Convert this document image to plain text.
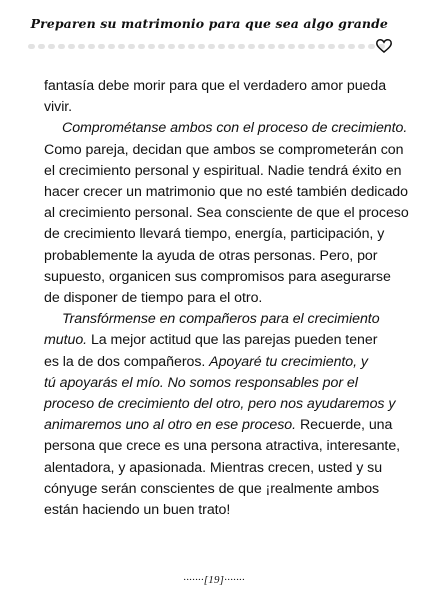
Preparen su matrimonio para que sea algo grande
fantasía debe morir para que el verdadero amor pueda
vivir.
Comprométanse ambos con el proceso de crecimiento.
Como pareja, decidan que ambos se comprometerán con
el crecimiento personal y espiritual. Nadie tendrá éxito en
hacer crecer un matrimonio que no esté también dedicado
al crecimiento personal. Sea consciente de que el proceso
de crecimiento llevará tiempo, energía, participación, y
probablemente la ayuda de otras personas. Pero, por
supuesto, organicen sus compromisos para asegurarse
de disponer de tiempo para el otro.
Transfórmense en compañeros para el crecimiento
mutuo. La mejor actitud que las parejas pueden tener
es la de dos compañeros. Apoyaré tu crecimiento, y
tú apoyarás el mío. No somos responsables por el
proceso de crecimiento del otro, pero nos ayudaremos y
animaremos uno al otro en ese proceso. Recuerde, una
persona que crece es una persona atractiva, interesante,
alentadora, y apasionada. Mientras crecen, usted y su
cónyuge serán conscientes de que ¡realmente ambos
están haciendo un buen trato!
·······[19]·······
